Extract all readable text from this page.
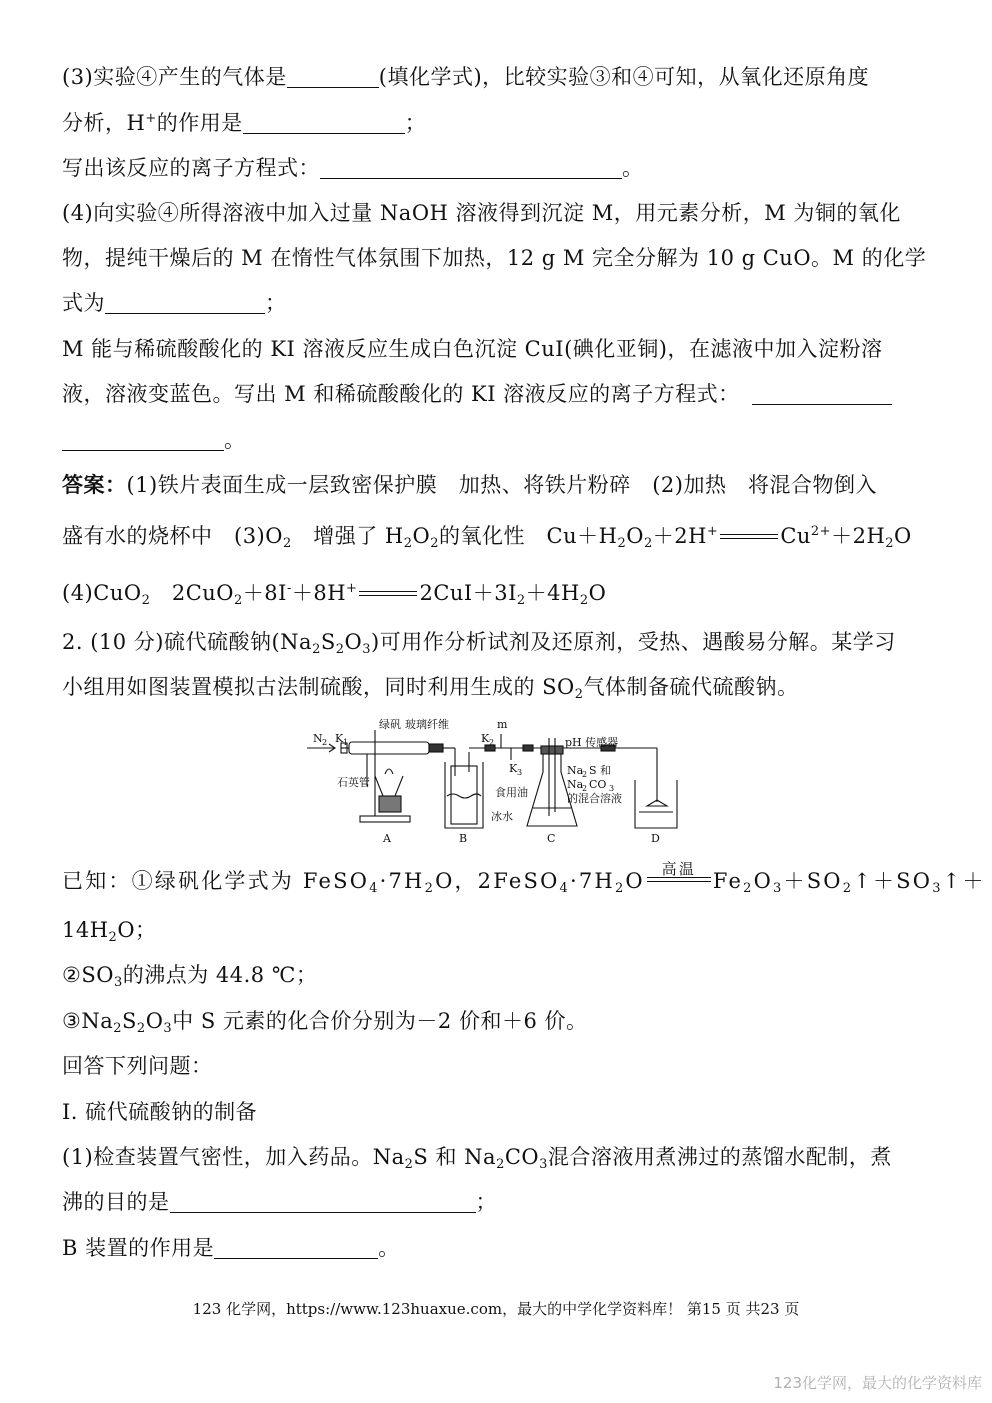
(3)实验④产生的气体是	(填化学式)，比较实验③和④可知，从氧化还原角度
分析，H+的作用是	；
写出该反应的离子方程式：	。
(4)向实验④所得溶液中加入过量 NaOH 溶液得到沉淀 M，用元素分析，M 为铜的氧化
物，提纯干燥后的 M 在惰性气体氛围下加热，12 g M 完全分解为 10 g CuO。M 的化学
式为	；
M 能与稀硫酸酸化的 KI 溶液反应生成白色沉淀 CuI(碘化亚铜)，在滤液中加入淀粉溶
液，溶液变蓝色。写出 M 和稀硫酸酸化的 KI 溶液反应的离子方程式：
。
答案：(1)铁片表面生成一层致密保护膜　加热、将铁片粉碎　(2)加热　将混合物倒入
盛有水的烧杯中　$(3)O_2$　增强了 $H_2O_2$的氧化性　$Cu+H_2O_2+2H^+$	$Cu^{2+}+2H_2O$
(4)CuO$_2$　2CuO$_2$＋8I-＋8H+	$2CuI+3I_2+4H_2O$
2. (10 分)硫代硫酸钠$(Na_2S_2O_3)$可用作分析试剂及还原剂，受热、遇酸易分解。某学习
小组用如图装置模拟古法制硫酸，同时利用生成的 $SO_2$气体制备硫代硫酸钠。
N K
石英管
绿矾 玻璃纤维	m
K
K
pH 传感器
食用油
冰水
Na S 和
Na CO
的混合溶液
A	B	C	D
2 1	2
3	2
2	3
已知：①绿矾化学式为 $FeSO_4\cdot 7H_2O$，$2FeSO_4\cdot 7H_2O$	高温 $Fe_2O_3+SO_2↑+SO_3↑+$
$14H_2O$；
$②SO_3$的沸点为 44.8 ℃；
$③Na_2S_2O_3$中 S 元素的化合价分别为－2 价和＋6 价。
回答下列问题：
I. 硫代硫酸钠的制备
(1)检查装置气密性，加入药品。$Na_2S$ 和 $Na_2CO_3$混合溶液用煮沸过的蒸馏水配制，煮
沸的目的是	；
B 装置的作用是	。
123 化学网，https://www.123huaxue.com，最大的中学化学资料库！ 第15 页 共23 页
123化学网，最大的化学资料库
